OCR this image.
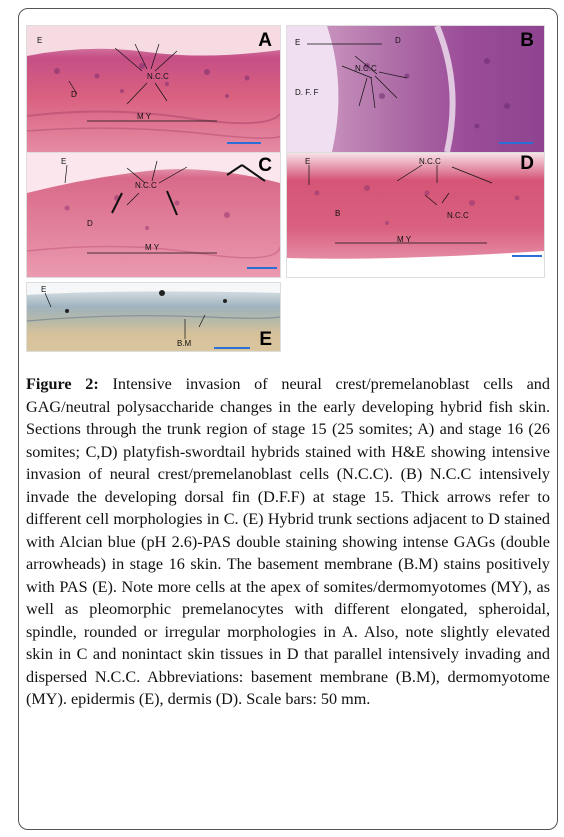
A
E
N.C.C
D
M Y
B
E	D
N.C.C
D. F. F
C
E
N.C.C
D
M Y
D
E	N.C.C
B	N.C.C
M Y
E
E
B.M
Figure 2: Intensive invasion of neural crest/premelanoblast cells and GAG/neutral polysaccharide changes in the early developing hybrid fish skin. Sections through the trunk region of stage 15 (25 somites; A) and stage 16 (26 somites; C,D) platyfish-swordtail hybrids stained with H&E showing intensive invasion of neural crest/premelanoblast cells (N.C.C). (B) N.C.C intensively invade the developing dorsal fin (D.F.F) at stage 15. Thick arrows refer to different cell morphologies in C. (E) Hybrid trunk sections adjacent to D stained with Alcian blue (pH 2.6)-PAS double staining showing intense GAGs (double arrowheads) in stage 16 skin. The basement membrane (B.M) stains positively with PAS (E). Note more cells at the apex of somites/dermomyotomes (MY), as well as pleomorphic premelanocytes with different elongated, spheroidal, spindle, rounded or irregular morphologies in A. Also, note slightly elevated skin in C and nonintact skin tissues in D that parallel intensively invading and dispersed N.C.C. Abbreviations: basement membrane (B.M), dermomyotome (MY). epidermis (E), dermis (D). Scale bars: 50 mm.
